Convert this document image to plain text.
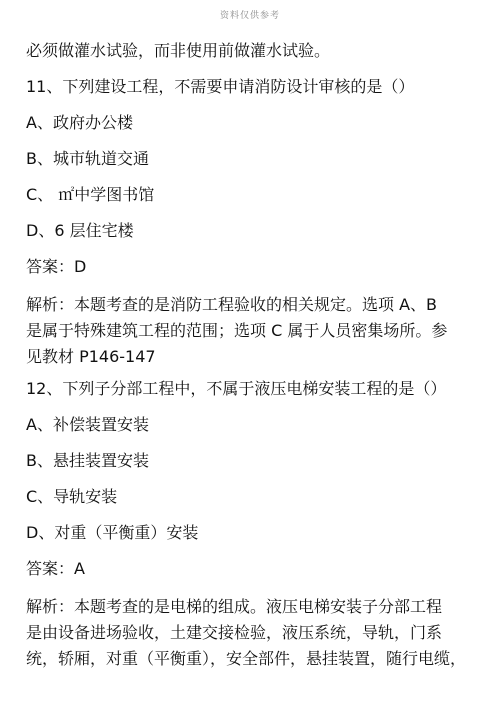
资料仅供参考
必须做灌水试验，而非使用前做灌水试验。
11、下列建设工程，不需要申请消防设计审核的是（）
A、政府办公楼
B、城市轨道交通
C、 ㎡中学图书馆
D、6 层住宅楼
答案：D
解析：本题考查的是消防工程验收的相关规定。选项 A、B
是属于特殊建筑工程的范围；选项 C 属于人员密集场所。参
见教材 P146-147
12、下列子分部工程中，不属于液压电梯安装工程的是（）
A、补偿装置安装
B、悬挂装置安装
C、导轨安装
D、对重（平衡重）安装
答案：A
解析：本题考查的是电梯的组成。液压电梯安装子分部工程
是由设备进场验收，土建交接检验，液压系统，导轨，门系
统，轿厢，对重（平衡重），安全部件，悬挂装置，随行电缆，
